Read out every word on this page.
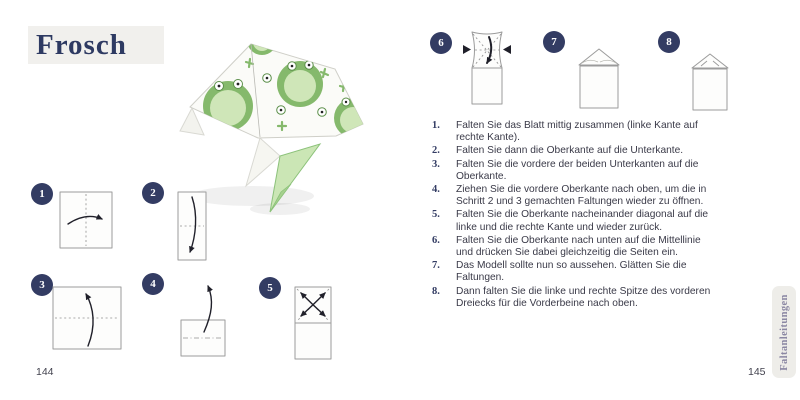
Frosch
1	2
3	4	5
144
6	7	8
1.	Falten Sie das Blatt mittig zusammen (linke Kante auf rechte Kante).
2.	Falten Sie dann die Oberkante auf die Unterkante.
3.	Falten Sie die vordere der beiden Unterkanten auf die Oberkante.
4.	Ziehen Sie die vordere Oberkante nach oben, um die in Schritt 2 und 3 gemachten Faltungen wieder zu öffnen.
5.	Falten Sie die Oberkante nacheinander diagonal auf die linke und die rechte Kante und wieder zurück.
6.	Falten Sie die Oberkante nach unten auf die Mittellinie und drücken Sie dabei gleichzeitig die Seiten ein.
7.	Das Modell sollte nun so aussehen. Glätten Sie die Faltungen.
8.	Dann falten Sie die linke und rechte Spitze des vorderen Dreiecks für die Vorderbeine nach oben.
145
Faltanleitungen
